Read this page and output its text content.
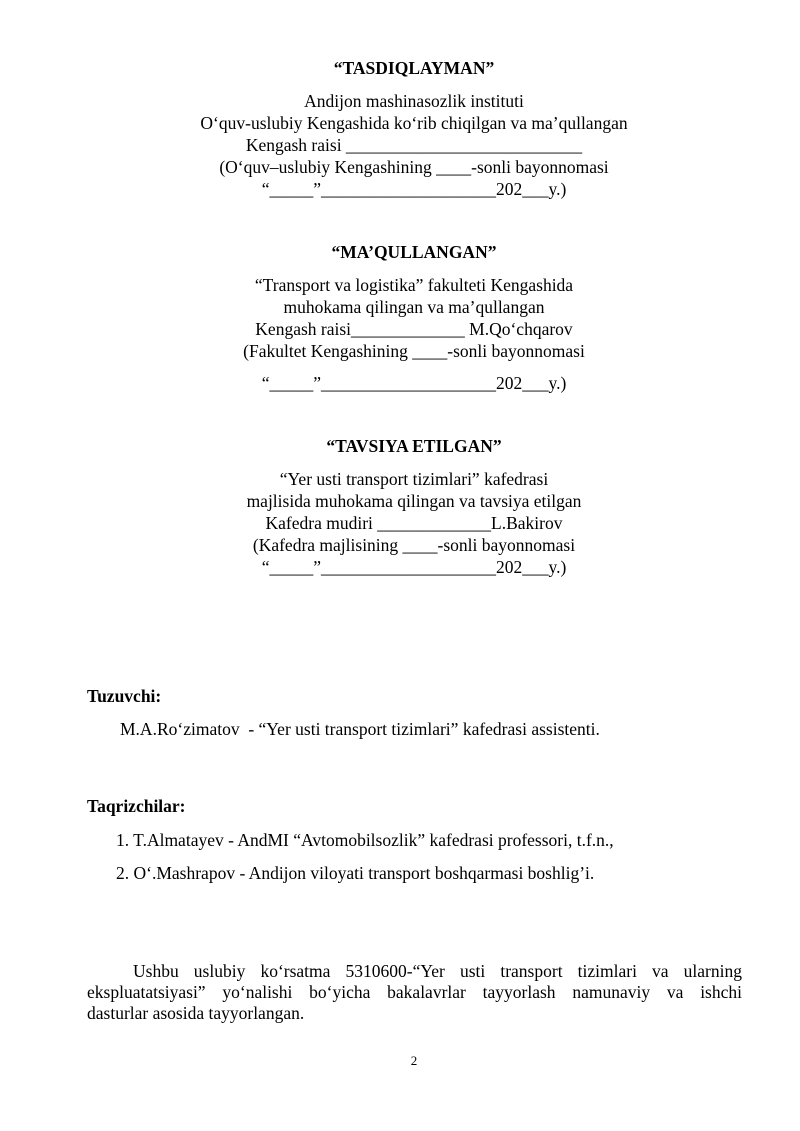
“TASDIQLAYMAN”
Andijon mashinasozlik instituti
O‘quv-uslubiy Kengashida ko‘rib chiqilgan va ma’qullangan
Kengash raisi ___________________________
(O‘quv–uslubiy Kengashining ____-sonli bayonnomasi
“_____”____________________202___y.)
“MA’QULLANGAN”
“Transport va logistika” fakulteti Kengashida
muhokama qilingan va ma’qullangan
Kengash raisi_____________ M.Qo‘chqarov
(Fakultet Kengashining ____-sonli bayonnomasi
“_____”____________________202___y.)
“TAVSIYA ETILGAN”
“Yer usti transport tizimlari” kafedrasi
majlisida muhokama qilingan va tavsiya etilgan
Kafedra mudiri _____________L.Bakirov
(Kafedra majlisining ____-sonli bayonnomasi
“_____”____________________202___y.)
Tuzuvchi:
M.A.Ro‘zimatov  - “Yer usti transport tizimlari” kafedrasi assistenti.
Taqrizchilar:
1. T.Almatayev - AndMI “Avtomobilsozlik” kafedrasi professori, t.f.n.,
2. O‘.Mashrapov - Andijon viloyati transport boshqarmasi boshlig’i.
Ushbu uslubiy ko‘rsatma 5310600-“Yer usti transport tizimlari va ularning
ekspluatatsiyasi” yo‘nalishi bo‘yicha bakalavrlar tayyorlash namunaviy va ishchi
dasturlar asosida tayyorlangan.
2
